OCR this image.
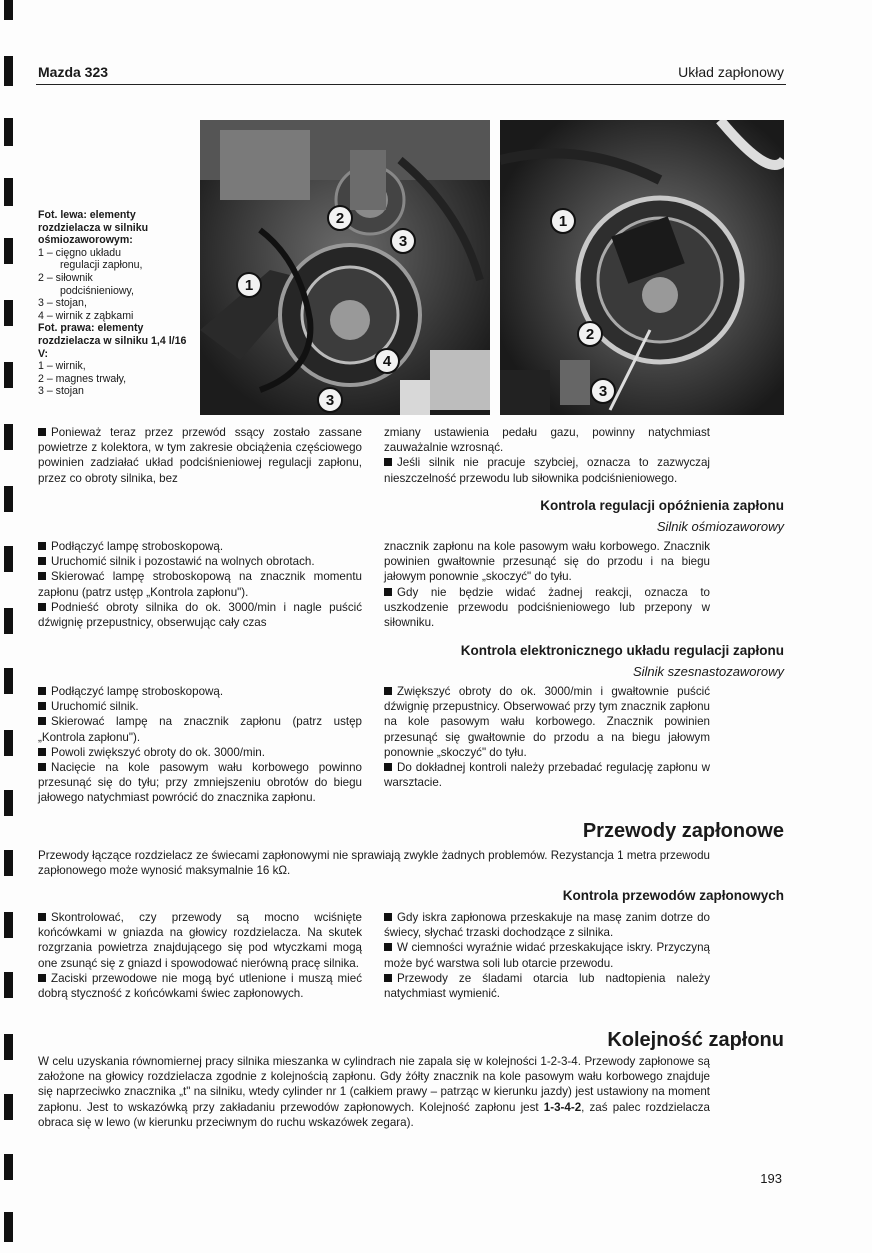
Mazda 323	Układ zapłonowy
1
2
3
4
3
1
2
3
Fot. lewa: elementy rozdzielacza w silniku ośmiozaworowym:
1 – cięgno układu
regulacji zapłonu,
2 – siłownik
podciśnieniowy,
3 – stojan,
4 – wirnik z ząbkami
Fot. prawa: elementy rozdzielacza w silniku 1,4 l/16 V:
1 – wirnik,
2 – magnes trwały,
3 – stojan

Ponieważ teraz przez przewód ssący zostało zassane powietrze z kolektora, w tym zakresie obciążenia częściowego powinien zadziałać układ podciśnieniowej regulacji zapłonu, przez co obroty silnika, bez

zmiany ustawienia pedału gazu, powinny natychmiast zauważalnie wzrosnąć.

Jeśli silnik nie pracuje szybciej, oznacza to zazwyczaj nieszczelność przewodu lub siłownika podciśnieniowego.

Kontrola regulacji opóźnienia zapłonu
Silnik ośmiozaworowy

Podłączyć lampę stroboskopową.

Uruchomić silnik i pozostawić na wolnych obrotach.

Skierować lampę stroboskopową na znacznik momentu zapłonu (patrz ustęp „Kontrola zapłonu").

Podnieść obroty silnika do ok. 3000/min i nagle puścić dźwignię przepustnicy, obserwując cały czas

znacznik zapłonu na kole pasowym wału korbowego. Znacznik powinien gwałtownie przesunąć się do przodu i na biegu jałowym ponownie „skoczyć" do tyłu.

Gdy nie będzie widać żadnej reakcji, oznacza to uszkodzenie przewodu podciśnieniowego lub przepony w siłowniku.

Kontrola elektronicznego układu regulacji zapłonu
Silnik szesnastozaworowy

Podłączyć lampę stroboskopową.

Uruchomić silnik.

Skierować lampę na znacznik zapłonu (patrz ustęp „Kontrola zapłonu").

Powoli zwiększyć obroty do ok. 3000/min.

Nacięcie na kole pasowym wału korbowego powinno przesunąć się do tyłu; przy zmniejszeniu obrotów do biegu jałowego natychmiast powrócić do znacznika zapłonu.

Zwiększyć obroty do ok. 3000/min i gwałtownie puścić dźwignię przepustnicy. Obserwować przy tym znacznik zapłonu na kole pasowym wału korbowego. Znacznik powinien przesunąć się gwałtownie do przodu a na biegu jałowym ponownie „skoczyć" do tyłu.

Do dokładnej kontroli należy przebadać regulację zapłonu w warsztacie.

Przewody zapłonowe
Przewody łączące rozdzielacz ze świecami zapłonowymi nie sprawiają zwykle żadnych problemów. Rezystancja 1 metra przewodu zapłonowego może wynosić maksymalnie 16 kΩ.
Kontrola przewodów zapłonowych

Skontrolować, czy przewody są mocno wciśnięte końcówkami w gniazda na głowicy rozdzielacza. Na skutek rozgrzania powietrza znajdującego się pod wtyczkami mogą one zsunąć się z gniazd i spowodować nierówną pracę silnika.

Zaciski przewodowe nie mogą być utlenione i muszą mieć dobrą styczność z końcówkami świec zapłonowych.

Gdy iskra zapłonowa przeskakuje na masę zanim dotrze do świecy, słychać trzaski dochodzące z silnika.

W ciemności wyraźnie widać przeskakujące iskry. Przyczyną może być warstwa soli lub otarcie przewodu.

Przewody ze śladami otarcia lub nadtopienia należy natychmiast wymienić.

Kolejność zapłonu
W celu uzyskania równomiernej pracy silnika mieszanka w cylindrach nie zapala się w kolejności 1-2-3-4. Przewody zapłonowe są założone na głowicy rozdzielacza zgodnie z kolejnością zapłonu. Gdy żółty znacznik na kole pasowym wału korbowego znajduje się naprzeciwko znacznika „t" na silniku, wtedy cylinder nr 1 (całkiem prawy – patrząc w kierunku jazdy) jest ustawiony na moment zapłonu. Jest to wskazówką przy zakładaniu przewodów zapłonowych. Kolejność zapłonu jest 1-3-4-2, zaś palec rozdzielacza obraca się w lewo (w kierunku przeciwnym do ruchu wskazówek zegara).
193
